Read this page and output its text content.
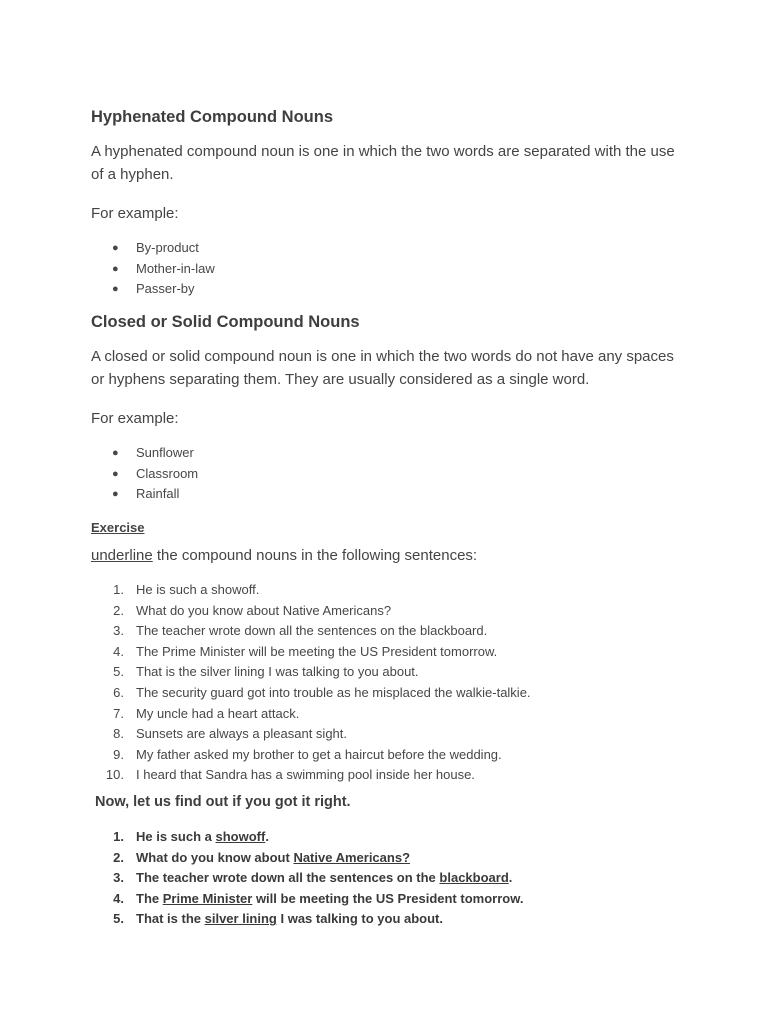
Hyphenated Compound Nouns
A hyphenated compound noun is one in which the two words are separated with the use of a hyphen.
For example:
● By-product
● Mother-in-law
● Passer-by
Closed or Solid Compound Nouns
A closed or solid compound noun is one in which the two words do not have any spaces or hyphens separating them. They are usually considered as a single word.
For example:
● Sunflower
● Classroom
● Rainfall
Exercise
underline the compound nouns in the following sentences:
1. He is such a showoff.
2. What do you know about Native Americans?
3. The teacher wrote down all the sentences on the blackboard.
4. The Prime Minister will be meeting the US President tomorrow.
5. That is the silver lining I was talking to you about.
6. The security guard got into trouble as he misplaced the walkie-talkie.
7. My uncle had a heart attack.
8. Sunsets are always a pleasant sight.
9. My father asked my brother to get a haircut before the wedding.
10. I heard that Sandra has a swimming pool inside her house.
Now, let us find out if you got it right.
1. He is such a showoff.
2. What do you know about Native Americans?
3. The teacher wrote down all the sentences on the blackboard.
4. The Prime Minister will be meeting the US President tomorrow.
5. That is the silver lining I was talking to you about.
